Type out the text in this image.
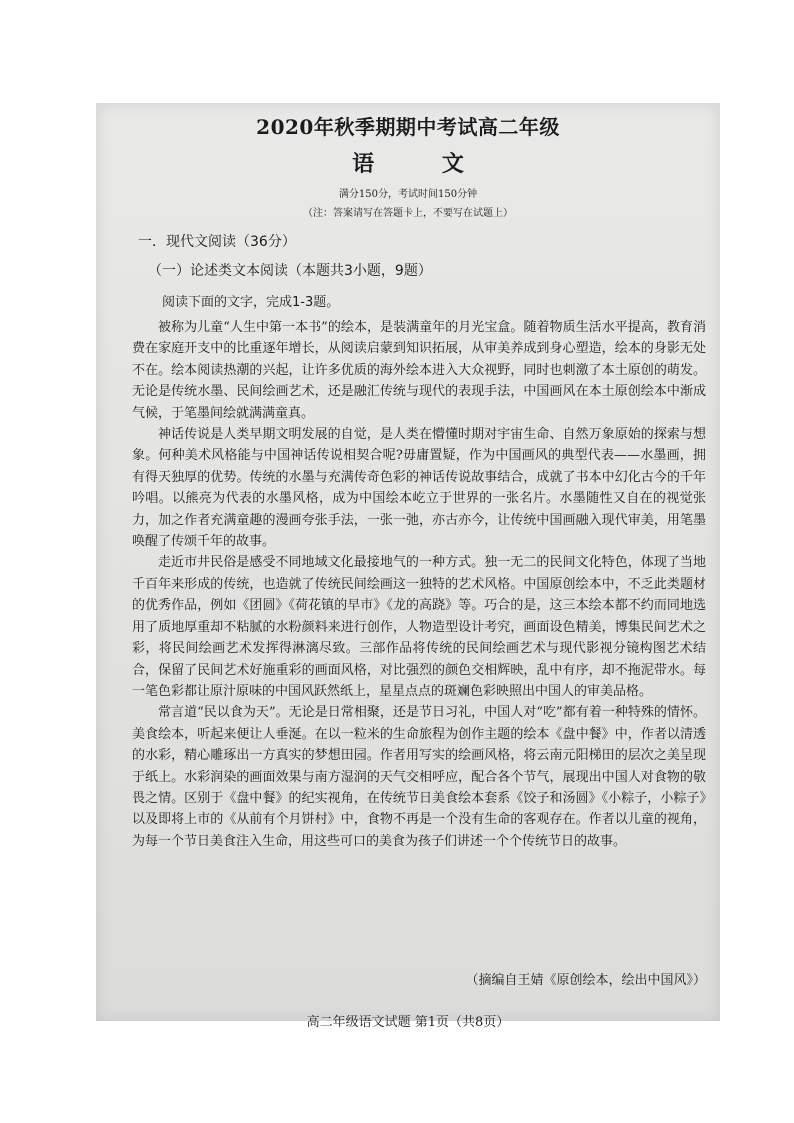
2020年秋季期期中考试高二年级
语 文
满分150分，考试时间150分钟
（注：答案请写在答题卡上，不要写在试题上）
一．现代文阅读（36分）
（一）论述类文本阅读（本题共3小题，9题）
阅读下面的文字，完成1-3题。

被称为儿童“人生中第一本书”的绘本，是装满童年的月光宝盒。随着物质生活水平提高，教育消费在家庭开支中的比重逐年增长，从阅读启蒙到知识拓展，从审美养成到身心塑造，绘本的身影无处不在。绘本阅读热潮的兴起，让许多优质的海外绘本进入大众视野，同时也刺激了本土原创的萌发。无论是传统水墨、民间绘画艺术，还是融汇传统与现代的表现手法，中国画风在本土原创绘本中渐成气候，于笔墨间绘就满满童真。

神话传说是人类早期文明发展的自觉，是人类在懵懂时期对宇宙生命、自然万象原始的探索与想象。何种美术风格能与中国神话传说相契合呢?毋庸置疑，作为中国画风的典型代表——水墨画，拥有得天独厚的优势。传统的水墨与充满传奇色彩的神话传说故事结合，成就了书本中幻化古今的千年吟唱。以熊亮为代表的水墨风格，成为中国绘本屹立于世界的一张名片。水墨随性又自在的视觉张力，加之作者充满童趣的漫画夸张手法，一张一弛，亦古亦今，让传统中国画融入现代审美，用笔墨唤醒了传颂千年的故事。

走近市井民俗是感受不同地域文化最接地气的一种方式。独一无二的民间文化特色，体现了当地千百年来形成的传统，也造就了传统民间绘画这一独特的艺术风格。中国原创绘本中，不乏此类题材的优秀作品，例如《团圆》《荷花镇的早市》《龙的高跷》等。巧合的是，这三本绘本都不约而同地选用了质地厚重却不粘腻的水粉颜料来进行创作，人物造型设计考究，画面设色精美，博集民间艺术之彩，将民间绘画艺术发挥得淋漓尽致。三部作品将传统的民间绘画艺术与现代影视分镜构图艺术结合，保留了民间艺术好施重彩的画面风格，对比强烈的颜色交相辉映，乱中有序，却不拖泥带水。每一笔色彩都让原汁原味的中国风跃然纸上，星星点点的斑斓色彩映照出中国人的审美品格。

常言道“民以食为天”。无论是日常相聚，还是节日习礼，中国人对“吃”都有着一种特殊的情怀。美食绘本，听起来便让人垂涎。在以一粒米的生命旅程为创作主题的绘本《盘中餐》中，作者以清透的水彩，精心雕琢出一方真实的梦想田园。作者用写实的绘画风格，将云南元阳梯田的层次之美呈现于纸上。水彩润染的画面效果与南方湿润的天气交相呼应，配合各个节气，展现出中国人对食物的敬畏之情。区别于《盘中餐》的纪实视角，在传统节日美食绘本套系《饺子和汤圆》《小粽子，小粽子》以及即将上市的《从前有个月饼村》中，食物不再是一个没有生命的客观存在。作者以儿童的视角，为每一个节日美食注入生命，用这些可口的美食为孩子们讲述一个个传统节日的故事。

（摘编自王婧《原创绘本，绘出中国风》）
高二年级语文试题 第1页（共8页）
